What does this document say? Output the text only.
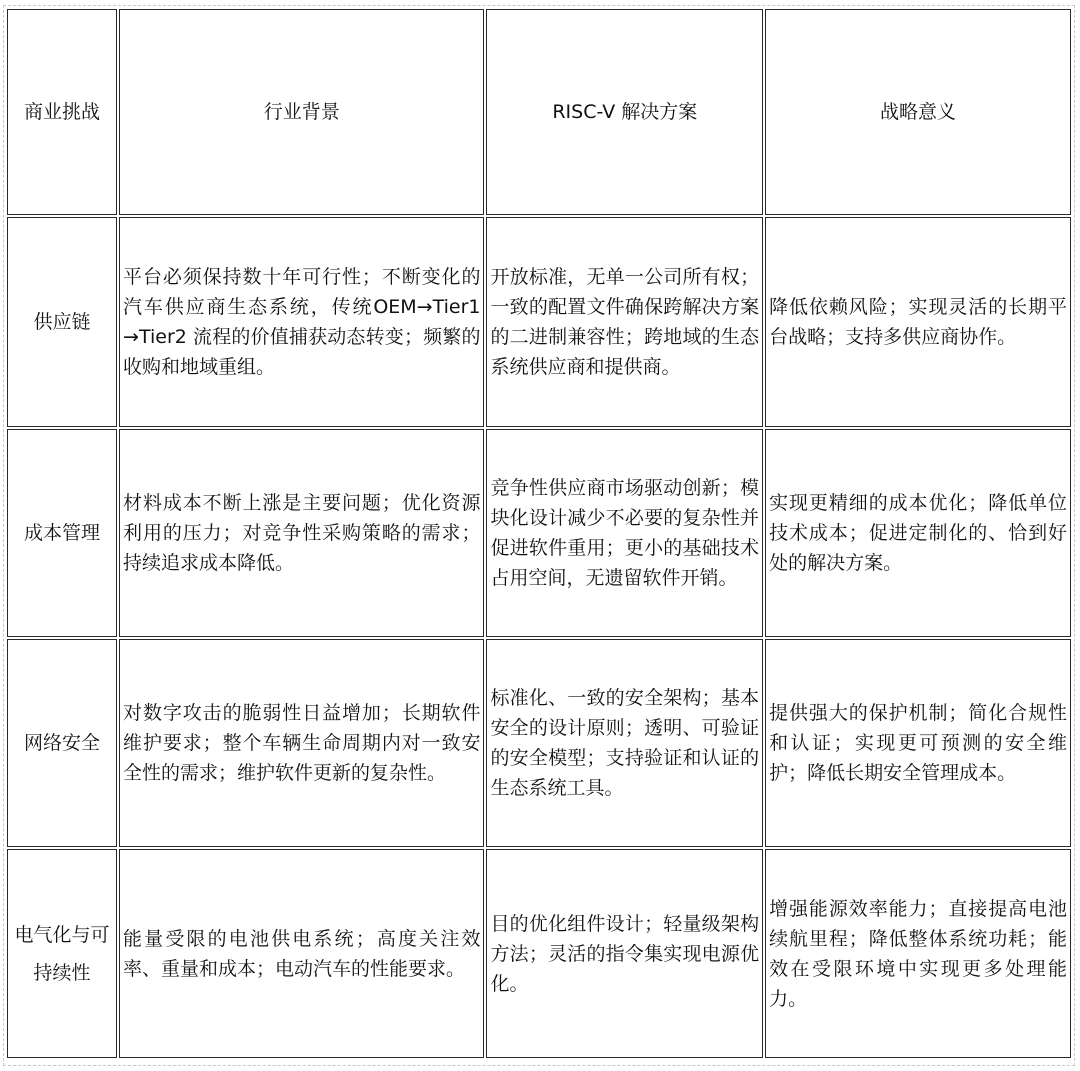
商业挑战	行业背景	RISC-V 解决方案	战略意义
供应链	平台必须保持数十年可行性；不断变化的汽车供应商生态系统，传统OEM→Tier1 →Tier2 流程的价值捕获动态转变；频繁的收购和地域重组。	开放标准，无单一公司所有权；一致的配置文件确保跨解决方案的二进制兼容性；跨地域的生态系统供应商和提供商。	降低依赖风险；实现灵活的长期平台战略；支持多供应商协作。
成本管理	材料成本不断上涨是主要问题；优化资源利用的压力；对竞争性采购策略的需求；持续追求成本降低。	竞争性供应商市场驱动创新；模块化设计减少不必要的复杂性并促进软件重用；更小的基础技术占用空间，无遗留软件开销。	实现更精细的成本优化；降低单位技术成本；促进定制化的、恰到好处的解决方案。
网络安全	对数字攻击的脆弱性日益增加；长期软件维护要求；整个车辆生命周期内对一致安全性的需求；维护软件更新的复杂性。	标准化、一致的安全架构；基本安全的设计原则；透明、可验证的安全模型；支持验证和认证的生态系统工具。	提供强大的保护机制；简化合规性和认证；实现更可预测的安全维护；降低长期安全管理成本。
电气化与可持续性	能量受限的电池供电系统；高度关注效率、重量和成本；电动汽车的性能要求。	目的优化组件设计；轻量级架构方法；灵活的指令集实现电源优化。	增强能源效率能力；直接提高电池续航里程；降低整体系统功耗；能效在受限环境中实现更多处理能力。
